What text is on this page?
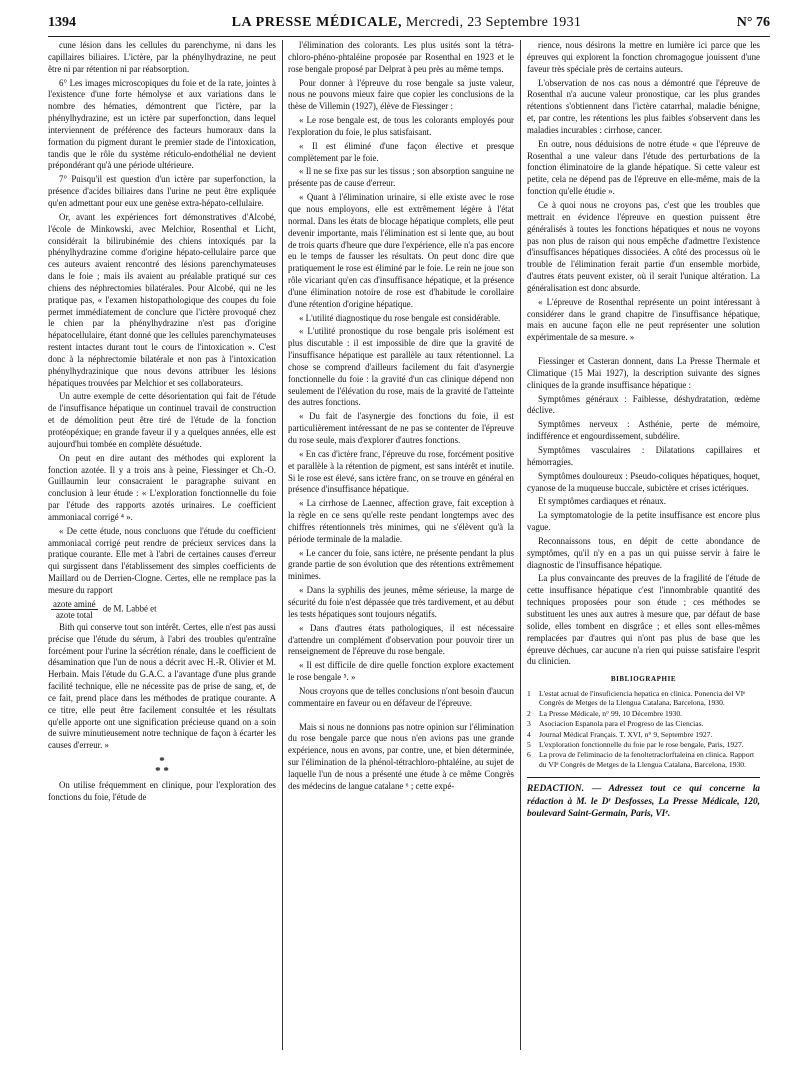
1394	LA PRESSE MÉDICALE, Mercredi, 23 Septembre 1931	N° 76

cune lésion dans les cellules du parenchyme, ni dans les capillaires biliaires. L'ictère, par la phénylhydrazine, ne peut être ni par rétention ni par réabsorption.

6° Les images microscopiques du foie et de la rate, jointes à l'existence d'une forte hémolyse et aux variations dans le nombre des hématies, démontrent que l'ictère, par la phénylhydrazine, est un ictère par superfonction, dans lequel interviennent de préférence des facteurs humoraux dans la formation du pigment durant le premier stade de l'intoxication, tandis que le rôle du système réticulo-endothélial ne devient prépondérant qu'à une période ultérieure.

7° Puisqu'il est question d'un ictère par superfonction, la présence d'acides biliaires dans l'urine ne peut être expliquée qu'en admettant pour eux une genèse extra-hépato-cellulaire.

Or, avant les expériences fort démonstratives d'Alcobé, l'école de Minkowski, avec Melchior, Rosenthal et Licht, considérait la bilirubinémie des chiens intoxiqués par la phénylhydrazine comme d'origine hépato-cellulaire parce que ces auteurs avaient rencontré des lésions parenchymateuses dans le foie ; mais ils avaient au préalable pratiqué sur ces chiens des néphrectomies bilatérales. Pour Alcobé, qui ne les pratique pas, « l'examen histopathologique des coupes du foie permet immédiatement de conclure que l'ictère provoqué chez le chien par la phénylhydrazine n'est pas d'origine hépatocellulaire, étant donné que les cellules parenchymateuses restent intactes durant tout le cours de l'intoxication ». C'est donc à la néphrectomie bilatérale et non pas à l'intoxication phénylhydrazinique que nous devons attribuer les lésions hépatiques trouvées par Melchior et ses collaborateurs.

Un autre exemple de cette désorientation qui fait de l'étude de l'insuffisance hépatique un continuel travail de construction et de démolition peut être tiré de l'étude de la fonction protéopéxique; en grande faveur il y a quelques années, elle est aujourd'hui tombée en complète désuétude.

On peut en dire autant des méthodes qui explorent la fonction azotée. Il y a trois ans à peine, Fiessinger et Ch.-O. Guillaumin leur consacraient le paragraphe suivant en conclusion à leur étude : « L'exploration fonctionnelle du foie par l'étude des rapports azotés urinaires. Le coefficient ammoniacal corrigé ⁴ ».

« De cette étude, nous concluons que l'étude du coefficient ammoniacal corrigé peut rendre de précieux services dans la pratique courante. Elle met à l'abri de certaines causes d'erreur qui surgissent dans l'établissement des simples coefficients de Maillard ou de Derrien-Clogne. Certes, elle ne remplace pas la mesure du rapport

$\frac{\text{azote aminé}}{\text{azote total}}$ de M. Labbé et

Bith qui conserve tout son intérêt. Certes, elle n'est pas aussi précise que l'étude du sérum, à l'abri des troubles qu'entraîne forcément pour l'urine la sécrétion rénale, dans le coefficient de désamination que l'un de nous a décrit avec H.-R. Olivier et M. Herbain. Mais l'étude du G.A.C. a l'avantage d'une plus grande facilité technique, elle ne nécessite pas de prise de sang, et, de ce fait, prend place dans les méthodes de pratique courante. A ce titre, elle peut être facilement consultée et les résultats qu'elle apporte ont une signification précieuse quand on a soin de suivre minutieusement notre technique de façon à écarter les causes d'erreur. »

*
* *

On utilise fréquemment en clinique, pour l'exploration des fonctions du foie, l'étude de

l'élimination des colorants. Les plus usités sont la tétra-chloro-phéno-phtaléine proposée par Rosenthal en 1923 et le rose bengale proposé par Delprat à peu près au même temps.

Pour donner à l'épreuve du rose bengale sa juste valeur, nous ne pouvons mieux faire que copier les conclusions de la thèse de Villemin (1927), élève de Fiessinger :

« Le rose bengale est, de tous les colorants employés pour l'exploration du foie, le plus satisfaisant.

« Il est éliminé d'une façon élective et presque complètement par le foie.

« Il ne se fixe pas sur les tissus ; son absorption sanguine ne présente pas de cause d'erreur.

« Quant à l'élimination urinaire, si elle existe avec le rose que nous employons, elle est extrêmement légère à l'état normal. Dans les états de blocage hépatique complets, elle peut devenir importante, mais l'élimination est si lente que, au bout de trois quarts d'heure que dure l'expérience, elle n'a pas encore eu le temps de fausser les résultats. On peut donc dire que pratiquement le rose est éliminé par le foie. Le rein ne joue son rôle vicariant qu'en cas d'insuffisance hépatique, et la présence d'une élimination notoire de rose est d'habitude le corollaire d'une rétention d'origine hépatique.

« L'utilité diagnostique du rose bengale est considérable.

« L'utilité pronostique du rose bengale pris isolément est plus discutable : il est impossible de dire que la gravité de l'insuffisance hépatique est parallèle au taux rétentionnel. La chose se comprend d'ailleurs facilement du fait d'asynergie fonctionnelle du foie : la gravité d'un cas clinique dépend non seulement de l'élévation du rose, mais de la gravité de l'atteinte des autres fonctions.

« Du fait de l'asynergie des fonctions du foie, il est particulièrement intéressant de ne pas se contenter de l'épreuve du rose seule, mais d'explorer d'autres fonctions.

« En cas d'ictère franc, l'épreuve du rose, forcément positive et parallèle à la rétention de pigment, est sans intérêt et inutile. Si le rose est élevé, sans ictère franc, on se trouve en général en présence d'insuffisance hépatique.

« La cirrhose de Laennec, affection grave, fait exception à la règle en ce sens qu'elle reste pendant longtemps avec des chiffres rétentionnels très minimes, qui ne s'élèvent qu'à la période terminale de la maladie.

« Le cancer du foie, sans ictère, ne présente pendant la plus grande partie de son évolution que des rétentions extrêmement minimes.

« Dans la syphilis des jeunes, même sérieuse, la marge de sécurité du foie n'est dépassée que très tardivement, et au début les tests hépatiques sont toujours négatifs.

« Dans d'autres états pathologiques, il est nécessaire d'attendre un complément d'observation pour pouvoir tirer un renseignement de l'épreuve du rose bengale.

« Il est difficile de dire quelle fonction explore exactement le rose bengale ⁵. »

Nous croyons que de telles conclusions n'ont besoin d'aucun commentaire en faveur ou en défaveur de l'épreuve.

Mais si nous ne donnions pas notre opinion sur l'élimination du rose bengale parce que nous n'en avions pas une grande expérience, nous en avons, par contre, une, et bien déterminée, sur l'élimination de la phénol-tétrachloro-phtaléine, au sujet de laquelle l'un de nous a présenté une étude à ce même Congrès des médecins de langue catalane ⁶ ; cette expé-

rience, nous désirons la mettre en lumière ici parce que les épreuves qui explorent la fonction chromagogue jouissent d'une faveur très spéciale près de certains auteurs.

L'observation de nos cas nous a démontré que l'épreuve de Rosenthal n'a aucune valeur pronostique, car les plus grandes rétentions s'obtiennent dans l'ictère catarrhal, maladie bénigne, et, par contre, les rétentions les plus faibles s'observent dans les maladies incurables : cirrhose, cancer.

En outre, nous déduisions de notre étude « que l'épreuve de Rosenthal a une valeur dans l'étude des perturbations de la fonction éliminatoire de la glande hépatique. Si cette valeur est petite, cela ne dépend pas de l'épreuve en elle-même, mais de la fonction qu'elle étudie ».

Ce à quoi nous ne croyons pas, c'est que les troubles que mettrait en évidence l'épreuve en question puissent être généralisés à toutes les fonctions hépatiques et nous ne voyons pas non plus de raison qui nous empêche d'admettre l'existence d'insuffisances hépatiques dissociées. A côté des processus où le trouble de l'élimination ferait partie d'un ensemble morbide, d'autres états peuvent exister, où il serait l'unique altération. La généralisation est donc absurde.

« L'épreuve de Rosenthal représente un point intéressant à considérer dans le grand chapitre de l'insuffisance hépatique, mais en aucune façon elle ne peut représenter une solution expérimentale de sa mesure. »

Fiessinger et Casteran donnent, dans La Presse Thermale et Climatique (15 Mai 1927), la description suivante des signes cliniques de la grande insuffisance hépatique :

Symptômes généraux : Faiblesse, déshydratation, œdème déclive.

Symptômes nerveux : Asthénie, perte de mémoire, indifférence et engourdissement, subdélire.

Symptômes vasculaires : Dilatations capillaires et hémorragies.

Symptômes douloureux : Pseudo-coliques hépatiques, hoquet, cyanose de la muqueuse buccale, subictère et crises ictériques.

Et symptômes cardiaques et rénaux.

La symptomatologie de la petite insuffisance est encore plus vague.

Reconnaissons tous, en dépit de cette abondance de symptômes, qu'il n'y en a pas un qui puisse servir à faire le diagnostic de l'insuffisance hépatique.

La plus convaincante des preuves de la fragilité de l'étude de cette insuffisance hépatique c'est l'innombrable quantité des techniques proposées pour son étude ; ces méthodes se substituent les unes aux autres à mesure que, par défaut de base solide, elles tombent en disgrâce ; et elles sont elles-mêmes remplacées par d'autres qui n'ont pas plus de base que les épreuve déchues, car aucune n'a rien qui puisse satisfaire l'esprit du clinicien.

BIBLIOGRAPHIE
1	L'estat actual de l'insuficiencia hepatica en clinica. Ponencia del VIᵉ Congrès de Metges de la Llengua Catalana, Barcelona, 1930.
2	La Presse Médicale, n° 99, 10 Décembre 1930.
3	Asociacion Espanola para el Progreso de las Ciencias.
4	Journal Médical Français. T. XVI, n° 9, Septembre 1927.
5	L'exploration fonctionnelle du foie par le rose bengale, Paris, 1927.
6	La prova de l'eliminacio de la fenoltetraclorftaleina en clinica. Rapport du VIᵉ Congrès de Metges de la Llengua Catalana, Barcelona, 1930.
REDACTION. — Adressez tout ce qui concerne la rédaction à M. le Dʳ Desfosses, La Presse Médicale, 120, boulevard Saint-Germain, Paris, VIᵉ.
